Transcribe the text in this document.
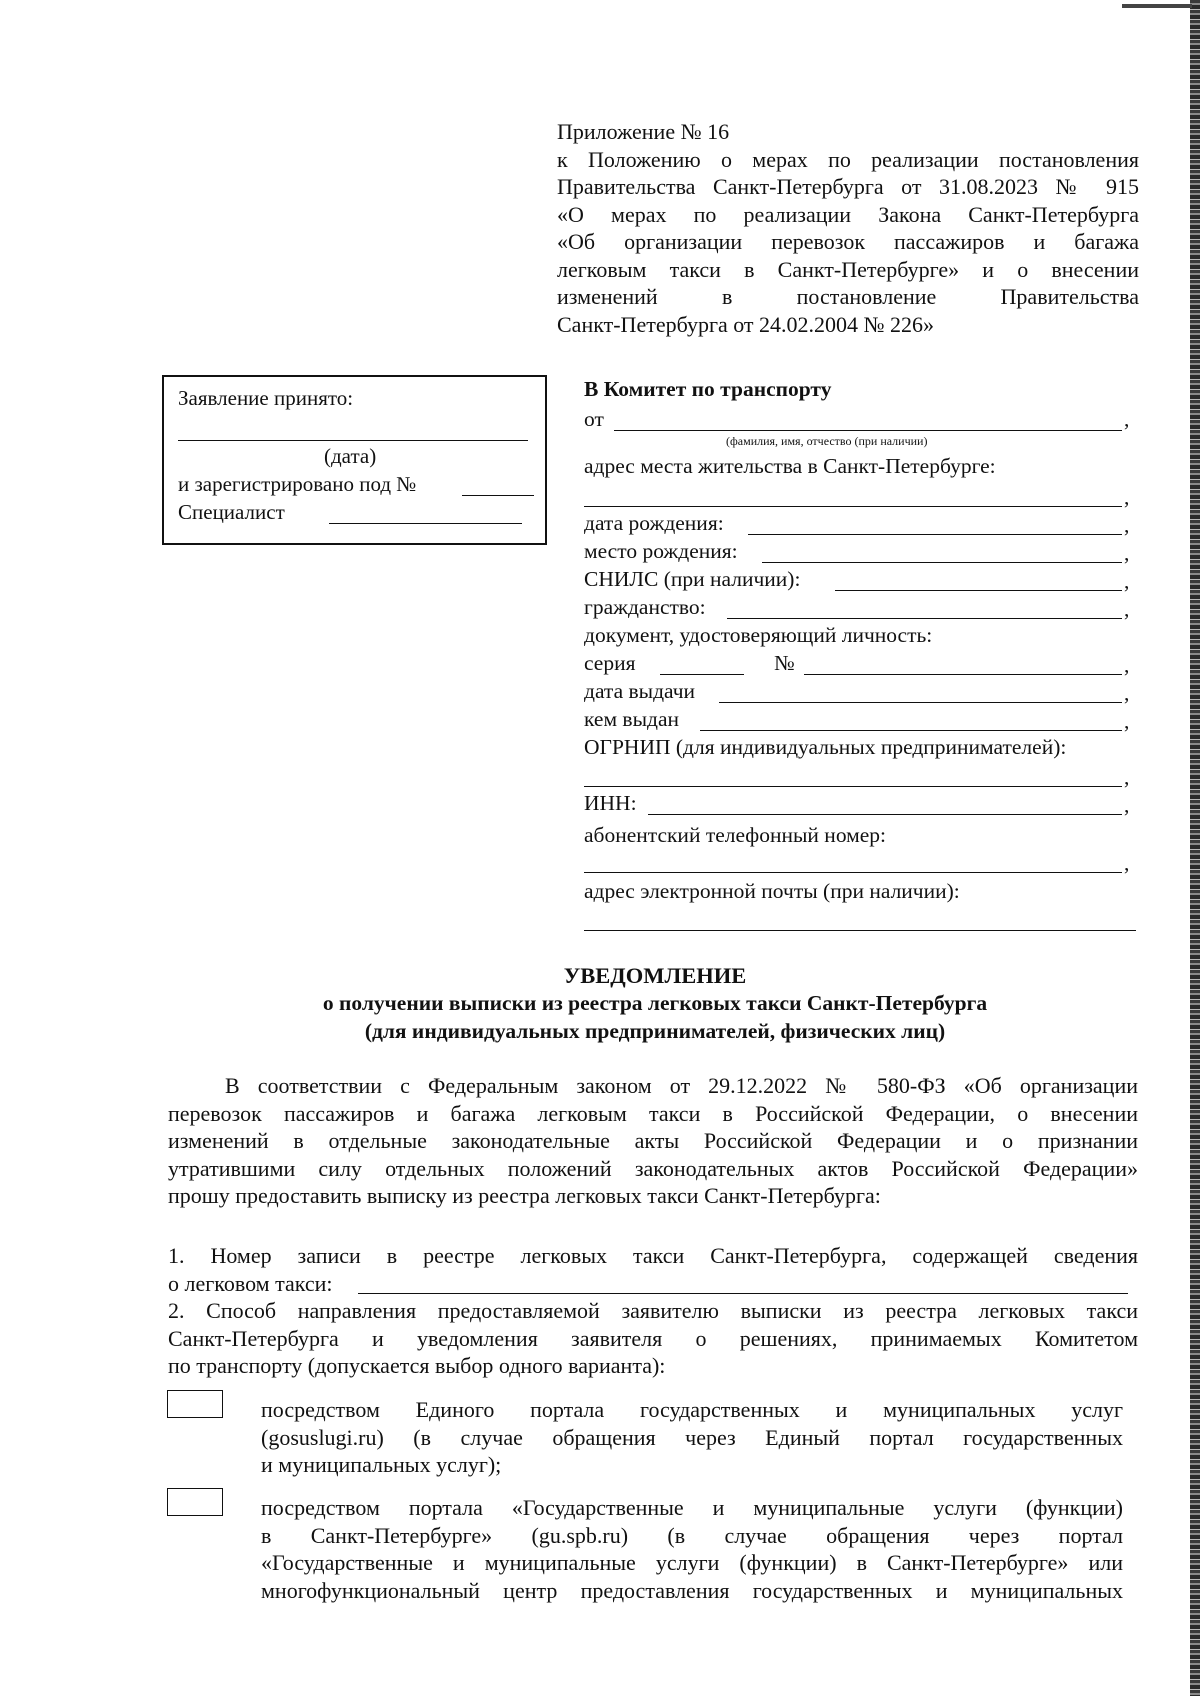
Приложение № 16
к Положению о мерах по реализации постановления
Правительства Санкт-Петербурга от 31.08.2023 № 915
«О мерах по реализации Закона Санкт-Петербурга
«Об организации перевозок пассажиров и багажа
легковым такси в Санкт-Петербурге» и о внесении
изменений в постановление Правительства
Санкт-Петербурга от 24.02.2004 № 226»
Заявление принято:
(дата)
и зарегистрировано под №
Специалист
В Комитет по транспорту
от	,
(фамилия, имя, отчество (при наличии)
адрес места жительства в Санкт-Петербурге:
,
дата рождения:	,
место рождения:	,
СНИЛС (при наличии):	,
гражданство:	,
документ, удостоверяющий личность:
серия	№	,
дата выдачи	,
кем выдан	,
ОГРНИП (для индивидуальных предпринимателей):
,
ИНН:	,
абонентский телефонный номер:
,
адрес электронной почты (при наличии):
УВЕДОМЛЕНИЕ
о получении выписки из реестра легковых такси Санкт-Петербурга
(для индивидуальных предпринимателей, физических лиц)
В соответствии с Федеральным законом от 29.12.2022 № 580-ФЗ «Об организации
перевозок пассажиров и багажа легковым такси в Российской Федерации, о внесении
изменений в отдельные законодательные акты Российской Федерации и о признании
утратившими силу отдельных положений законодательных актов Российской Федерации»
прошу предоставить выписку из реестра легковых такси Санкт-Петербурга:
1. Номер записи в реестре легковых такси Санкт-Петербурга, содержащей сведения
о легковом такси:
2. Способ направления предоставляемой заявителю выписки из реестра легковых такси
Санкт-Петербурга и уведомления заявителя о решениях, принимаемых Комитетом
по транспорту (допускается выбор одного варианта):
посредством Единого портала государственных и муниципальных услуг
(gosuslugi.ru) (в случае обращения через Единый портал государственных
и муниципальных услуг);
посредством портала «Государственные и муниципальные услуги (функции)
в Санкт-Петербурге» (gu.spb.ru) (в случае обращения через портал
«Государственные и муниципальные услуги (функции) в Санкт-Петербурге» или
многофункциональный центр предоставления государственных и муниципальных
